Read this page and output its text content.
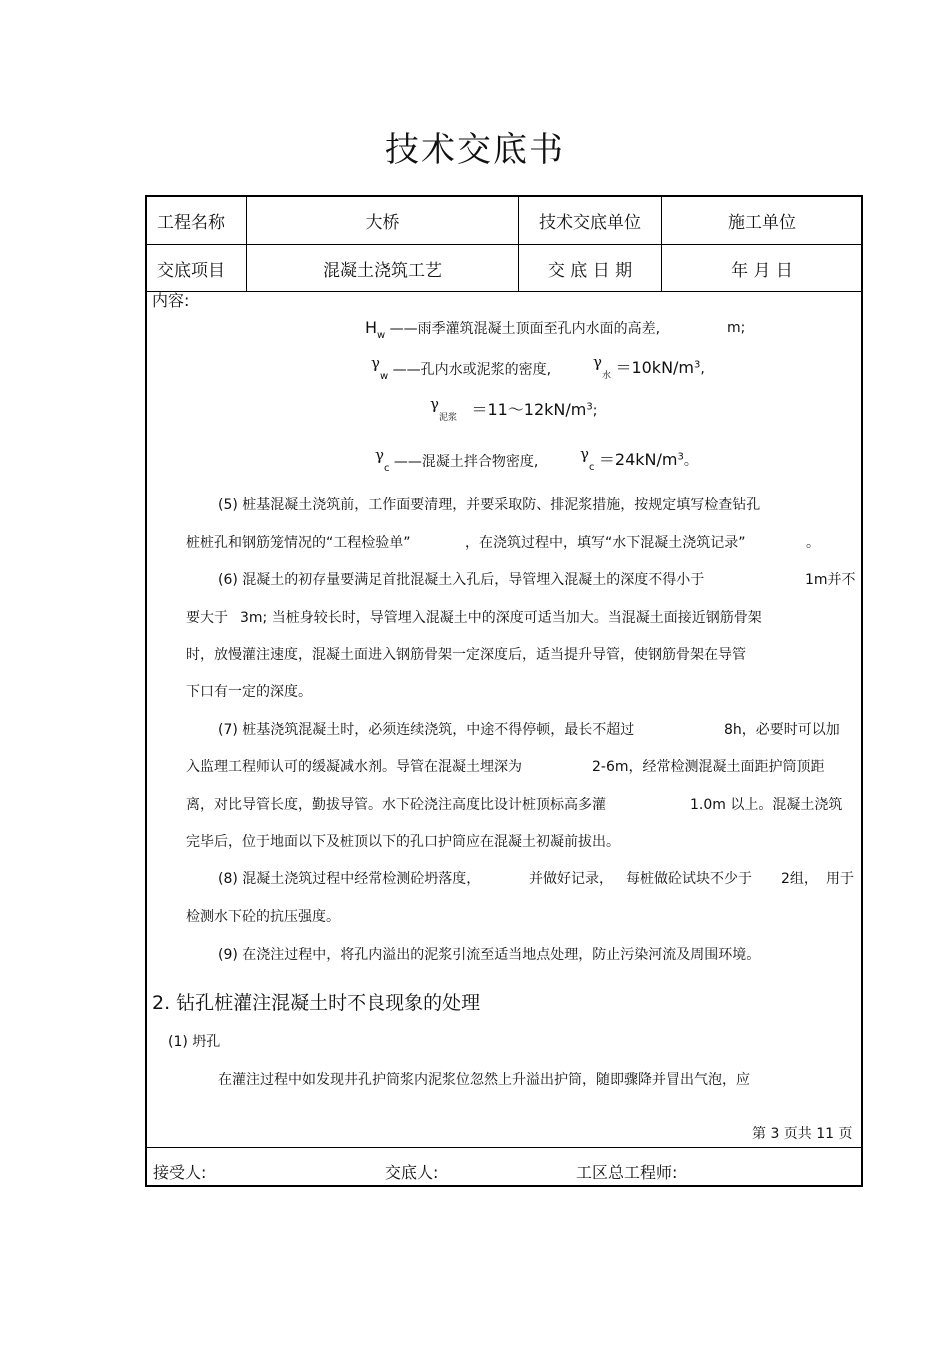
技术交底书
工程名称	大桥	技术交底单位	施工单位
交底项目	混凝土浇筑工艺	交 底 日 期	年 月 日
内容:
$H_w$ ——雨季灌筑混凝土顶面至孔内水面的高差,	m;
$\gamma_w$ ——孔内水或泥浆的密度,	$\gamma_水 =10kN/m^3$,
$\gamma_{泥浆}$ $=11\sim 12kN/m^3$;
$\gamma_c$ ——混凝土拌合物密度,	$\gamma_c =24kN/m^3$。
(5) 桩基混凝土浇筑前，工作面要清理，并要采取防、排泥浆措施，按规定填写检查钻孔
桩桩孔和钢筋笼情况的“工程检验单”	，在浇筑过程中，填写“水下混凝土浇筑记录”	。
(6) 混凝土的初存量要满足首批混凝土入孔后，导管埋入混凝土的深度不得小于	1m并不
要大于 3m; 当桩身较长时，导管埋入混凝土中的深度可适当加大。当混凝土面接近钢筋骨架
时，放慢灌注速度，混凝土面进入钢筋骨架一定深度后，适当提升导管，使钢筋骨架在导管
下口有一定的深度。
(7) 桩基浇筑混凝土时，必须连续浇筑，中途不得停顿，最长不超过	8h，必要时可以加
入监理工程师认可的缓凝减水剂。导管在混凝土埋深为	2-6m，经常检测混凝土面距护筒顶距
离，对比导管长度，勤拔导管。水下砼浇注高度比设计桩顶标高多灌	1.0m 以上。混凝土浇筑
完毕后，位于地面以下及桩顶以下的孔口护筒应在混凝土初凝前拔出。
(8) 混凝土浇筑过程中经常检测砼坍落度，	并做好记录， 每桩做砼试块不少于 2组， 用于
检测水下砼的抗压强度。
(9) 在浇注过程中，将孔内溢出的泥浆引流至适当地点处理，防止污染河流及周围环境。
2. 钻孔桩灌注混凝土时不良现象的处理
(1) 坍孔
在灌注过程中如发现井孔护筒浆内泥浆位忽然上升溢出护筒，随即骤降并冒出气泡，应
第 3 页共 11 页
接受人:	交底人:	工区总工程师:
